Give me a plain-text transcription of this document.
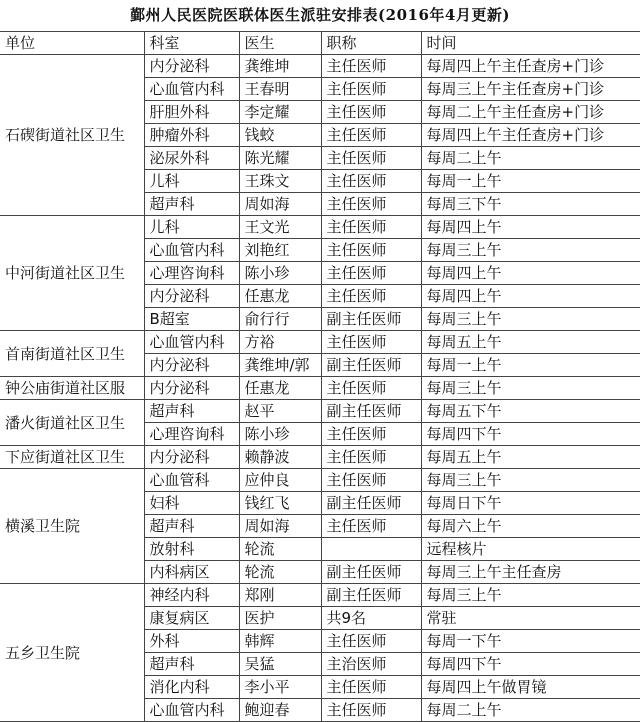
鄞州人民医院医联体医生派驻安排表(2016年4月更新)
单位	科室	医生	职称	时间
石碶街道社区卫生	内分泌科	龚维坤	主任医师	每周四上午主任查房+门诊
	心血管内科	王春明	主任医师	每周三上午主任查房+门诊
	肝胆外科	李定耀	主任医师	每周二上午主任查房+门诊
	肿瘤外科	钱蛟	主任医师	每周四上午主任查房+门诊
	泌尿外科	陈光耀	主任医师	每周二上午
	儿科	王珠文	主任医师	每周一上午
	超声科	周如海	主任医师	每周三下午
中河街道社区卫生	儿科	王文光	主任医师	每周四上午
	心血管内科	刘艳红	主任医师	每周三上午
	心理咨询科	陈小珍	主任医师	每周四上午
	内分泌科	任惠龙	主任医师	每周四上午
	B超室	俞行行	副主任医师	每周三上午
首南街道社区卫生	心血管内科	方裕	主任医师	每周五上午
	内分泌科	龚维坤/郭	副主任医师	每周一上午
钟公庙街道社区服	内分泌科	任惠龙	主任医师	每周三上午
潘火街道社区卫生	超声科	赵平	副主任医师	每周五下午
	心理咨询科	陈小珍	主任医师	每周四下午
下应街道社区卫生	内分泌科	赖静波	主任医师	每周五上午
横溪卫生院	心血管科	应仲良	主任医师	每周三上午
	妇科	钱红飞	副主任医师	每周日下午
	超声科	周如海	主任医师	每周六上午
	放射科	轮流		远程核片
	内科病区	轮流	副主任医师	每周三上午主任查房
五乡卫生院	神经内科	郑刚	副主任医师	每周三上午
	康复病区	医护	共9名	常驻
	外科	韩辉	主任医师	每周一下午
	超声科	吴猛	主治医师	每周四下午
	消化内科	李小平	主任医师	每周四上午做胃镜
	心血管内科	鲍迎春	主任医师	每周二上午
